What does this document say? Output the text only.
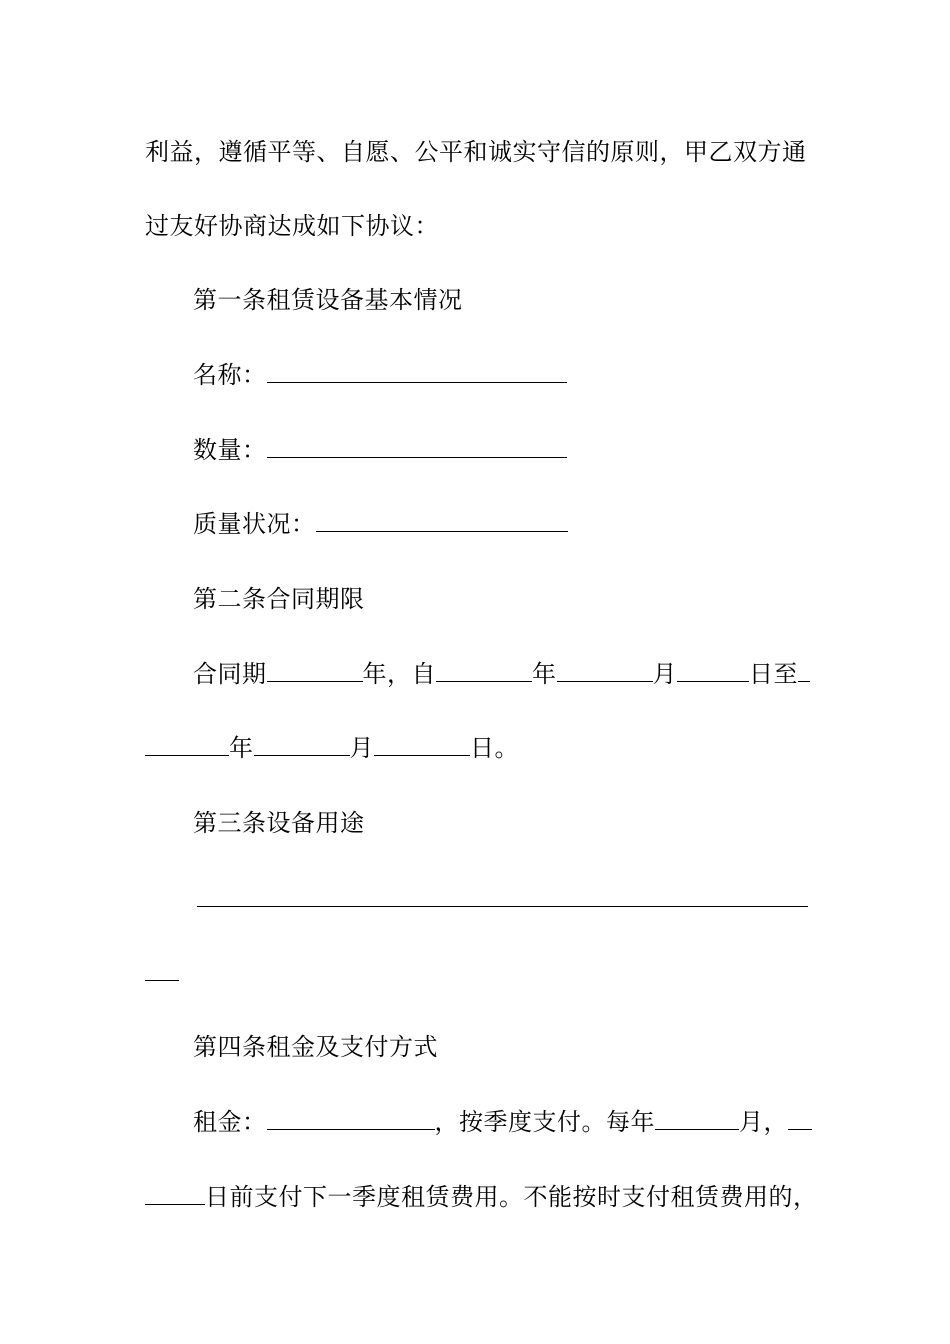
利益，遵循平等、自愿、公平和诚实守信的原则，甲乙双方通
过友好协商达成如下协议：
第一条租赁设备基本情况
名称：
数量：
质量状况：
第二条合同期限
合同期	年，自	年	月	日至
年	月	日。
第三条设备用途
第四条租金及支付方式
租金：	，按季度支付。每年	月，
日前支付下一季度租赁费用。不能按时支付租赁费用的，
